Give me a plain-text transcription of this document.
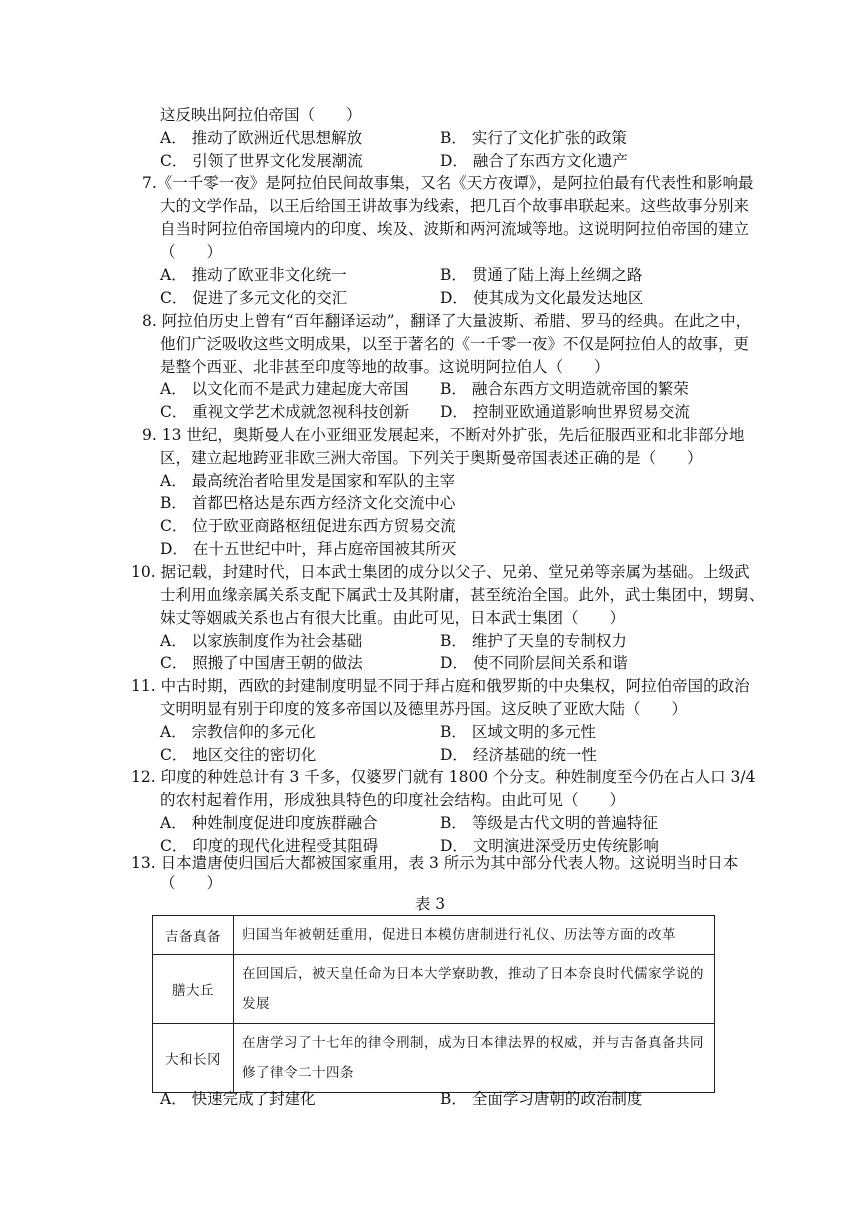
这反映出阿拉伯帝国（　　）
A． 推动了欧洲近代思想解放	B． 实行了文化扩张的政策
C． 引领了世界文化发展潮流	D． 融合了东西方文化遗产
7.《一千零一夜》是阿拉伯民间故事集，又名《天方夜谭》，是阿拉伯最有代表性和影响最
大的文学作品，以王后给国王讲故事为线索，把几百个故事串联起来。这些故事分别来
自当时阿拉伯帝国境内的印度、埃及、波斯和两河流域等地。这说明阿拉伯帝国的建立
（　　）
A． 推动了欧亚非文化统一	B． 贯通了陆上海上丝绸之路
C． 促进了多元文化的交汇	D． 使其成为文化最发达地区
8. 阿拉伯历史上曾有“百年翻译运动”，翻译了大量波斯、希腊、罗马的经典。在此之中，
他们广泛吸收这些文明成果，以至于著名的《一千零一夜》不仅是阿拉伯人的故事，更
是整个西亚、北非甚至印度等地的故事。这说明阿拉伯人（　　）
A． 以文化而不是武力建起庞大帝国 B． 融合东西方文明造就帝国的繁荣
C． 重视文学艺术成就忽视科技创新 D． 控制亚欧通道影响世界贸易交流
9. 13 世纪，奥斯曼人在小亚细亚发展起来，不断对外扩张，先后征服西亚和北非部分地
区，建立起地跨亚非欧三洲大帝国。下列关于奥斯曼帝国表述正确的是（　　）
A． 最高统治者哈里发是国家和军队的主宰
B． 首都巴格达是东西方经济文化交流中心
C． 位于欧亚商路枢纽促进东西方贸易交流
D． 在十五世纪中叶，拜占庭帝国被其所灭
10. 据记载，封建时代，日本武士集团的成分以父子、兄弟、堂兄弟等亲属为基础。上级武
士利用血缘亲属关系支配下属武士及其附庸，甚至统治全国。此外，武士集团中，甥舅、
妹丈等姻戚关系也占有很大比重。由此可见，日本武士集团（　　）
A． 以家族制度作为社会基础	B． 维护了天皇的专制权力
C． 照搬了中国唐王朝的做法	D． 使不同阶层间关系和谐
11. 中古时期，西欧的封建制度明显不同于拜占庭和俄罗斯的中央集权，阿拉伯帝国的政治
文明明显有别于印度的笈多帝国以及德里苏丹国。这反映了亚欧大陆（　　）
A． 宗教信仰的多元化	B． 区域文明的多元性
C． 地区交往的密切化	D． 经济基础的统一性
12. 印度的种姓总计有 3 千多，仅婆罗门就有 1800 个分支。种姓制度至今仍在占人口 3/4
的农村起着作用，形成独具特色的印度社会结构。由此可见（　　）
A． 种姓制度促进印度族群融合	B． 等级是古代文明的普遍特征
C． 印度的现代化进程受其阻碍	D． 文明演进深受历史传统影响
13. 日本遣唐使归国后大都被国家重用，表 3 所示为其中部分代表人物。这说明当时日本
（　　）
表 3
吉备真备	归国当年被朝廷重用，促进日本模仿唐制进行礼仪、历法等方面的改革
膳大丘	在回国后，被天皇任命为日本大学寮助教，推动了日本奈良时代儒家学说的发展
大和长冈	在唐学习了十七年的律令刑制，成为日本律法界的权威，并与吉备真备共同修了律令二十四条
A． 快速完成了封建化	B． 全面学习唐朝的政治制度
